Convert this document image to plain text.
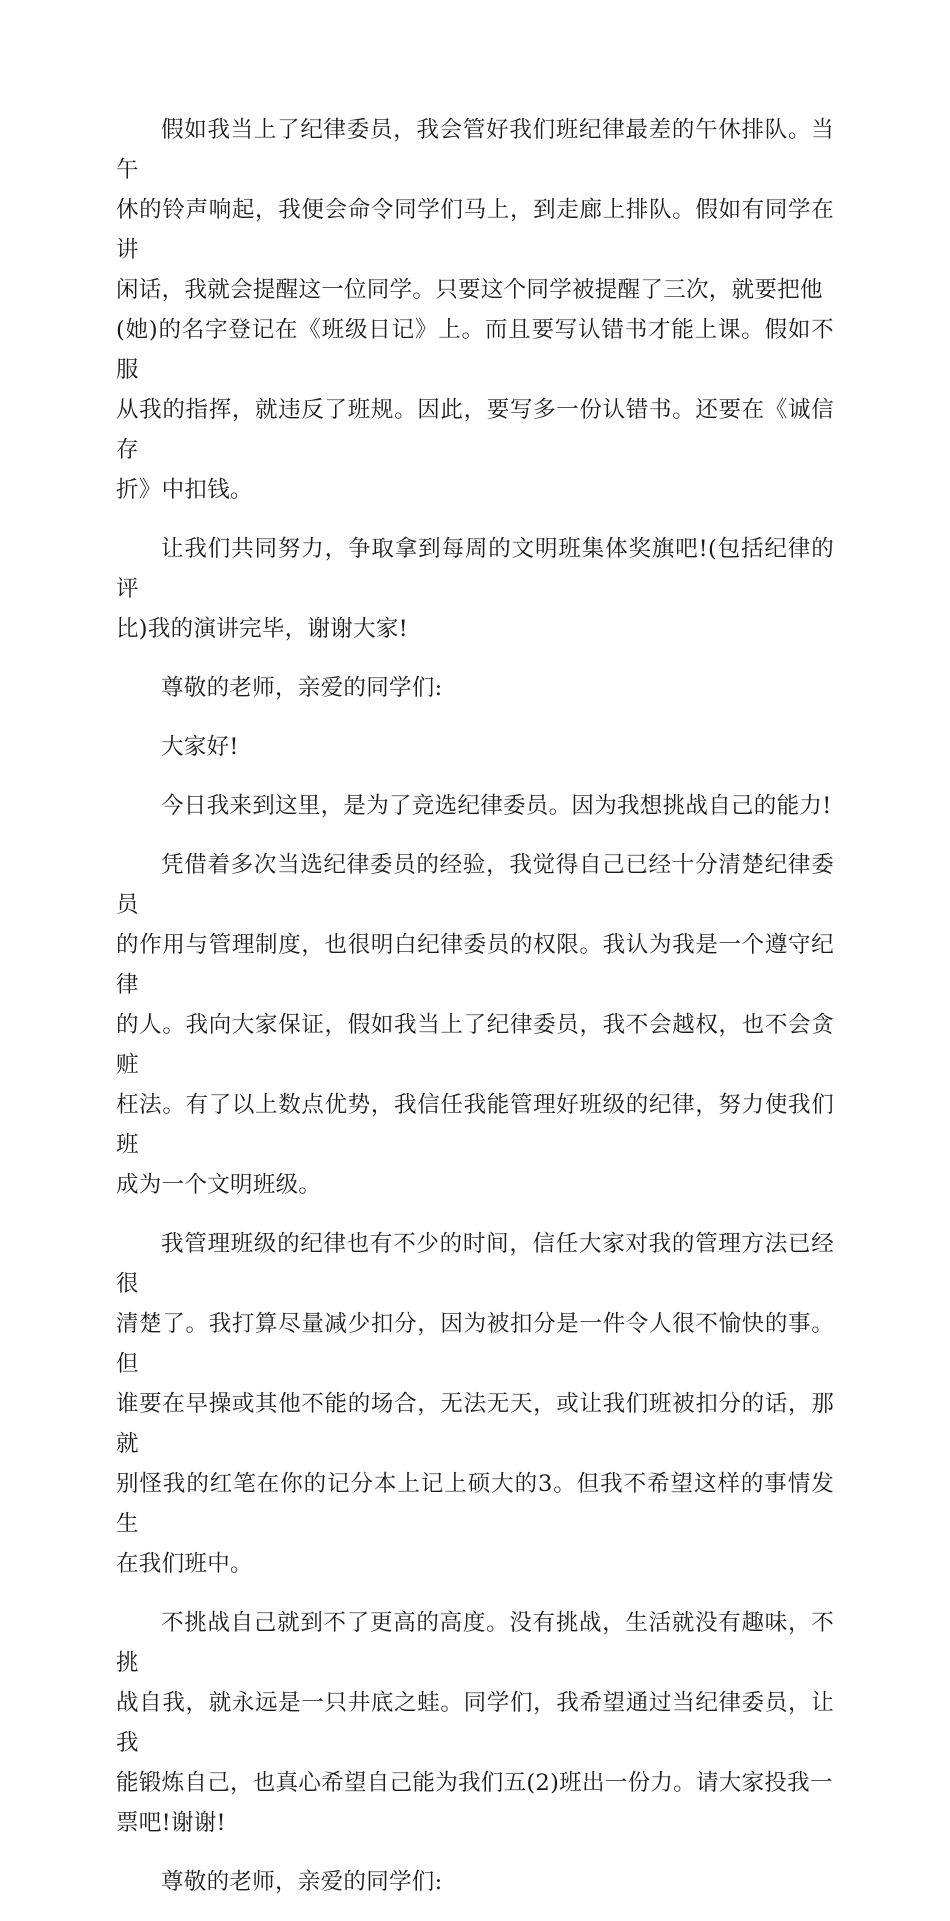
假如我当上了纪律委员，我会管好我们班纪律最差的午休排队。当午
休的铃声响起，我便会命令同学们马上，到走廊上排队。假如有同学在讲
闲话，我就会提醒这一位同学。只要这个同学被提醒了三次，就要把他
(她)的名字登记在《班级日记》上。而且要写认错书才能上课。假如不服
从我的指挥，就违反了班规。因此，要写多一份认错书。还要在《诚信存
折》中扣钱。

让我们共同努力，争取拿到每周的文明班集体奖旗吧!(包括纪律的评
比)我的演讲完毕，谢谢大家!

尊敬的老师，亲爱的同学们:

大家好!

今日我来到这里，是为了竞选纪律委员。因为我想挑战自己的能力!

凭借着多次当选纪律委员的经验，我觉得自己已经十分清楚纪律委员
的作用与管理制度，也很明白纪律委员的权限。我认为我是一个遵守纪律
的人。我向大家保证，假如我当上了纪律委员，我不会越权，也不会贪赃
枉法。有了以上数点优势，我信任我能管理好班级的纪律，努力使我们班
成为一个文明班级。

我管理班级的纪律也有不少的时间，信任大家对我的管理方法已经很
清楚了。我打算尽量减少扣分，因为被扣分是一件令人很不愉快的事。但
谁要在早操或其他不能的场合，无法无天，或让我们班被扣分的话，那就
别怪我的红笔在你的记分本上记上硕大的3。但我不希望这样的事情发生
在我们班中。

不挑战自己就到不了更高的高度。没有挑战，生活就没有趣味，不挑
战自我，就永远是一只井底之蛙。同学们，我希望通过当纪律委员，让我
能锻炼自己，也真心希望自己能为我们五(2)班出一份力。请大家投我一
票吧!谢谢!

尊敬的老师，亲爱的同学们:
